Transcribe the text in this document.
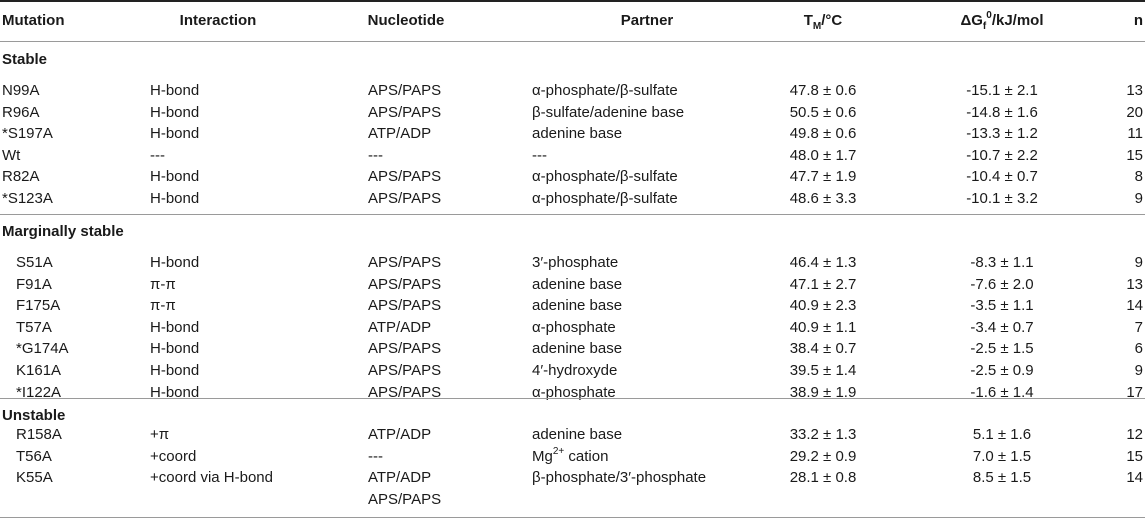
Mutation	Interaction	Nucleotide	Partner	$T_M/^\circ C$	$\Delta G_f^0/kJ$/mol	n
Stable
N99A	H-bond	APS/PAPS	α-phosphate/β-sulfate	47.8 ± 0.6	-15.1 ± 2.1	13
R96A	H-bond	APS/PAPS	β-sulfate/adenine base	50.5 ± 0.6	-14.8 ± 1.6	20
*S197A	H-bond	ATP/ADP	adenine base	49.8 ± 0.6	-13.3 ± 1.2	11
Wt	---	---	---	48.0 ± 1.7	-10.7 ± 2.2	15
R82A	H-bond	APS/PAPS	α-phosphate/β-sulfate	47.7 ± 1.9	-10.4 ± 0.7	8
*S123A	H-bond	APS/PAPS	α-phosphate/β-sulfate	48.6 ± 3.3	-10.1 ± 3.2	9
Marginally stable
S51A	H-bond	APS/PAPS	3′-phosphate	46.4 ± 1.3	-8.3 ± 1.1	9
F91A	π-π	APS/PAPS	adenine base	47.1 ± 2.7	-7.6 ± 2.0	13
F175A	π-π	APS/PAPS	adenine base	40.9 ± 2.3	-3.5 ± 1.1	14
T57A	H-bond	ATP/ADP	α-phosphate	40.9 ± 1.1	-3.4 ± 0.7	7
*G174A	H-bond	APS/PAPS	adenine base	38.4 ± 0.7	-2.5 ± 1.5	6
K161A	H-bond	APS/PAPS	4′-hydroxyde	39.5 ± 1.4	-2.5 ± 0.9	9
*I122A	H-bond	APS/PAPS	α-phosphate	38.9 ± 1.9	-1.6 ± 1.4	17
Unstable
R158A	+π	ATP/ADP	adenine base	33.2 ± 1.3	5.1 ± 1.6	12
T56A	+coord	---	$Mg^{2+}$ cation	29.2 ± 0.9	7.0 ± 1.5	15
K55A	+coord via H-bond	ATP/ADP	β-phosphate/3′-phosphate	28.1 ± 0.8	8.5 ± 1.5	14
APS/PAPS
